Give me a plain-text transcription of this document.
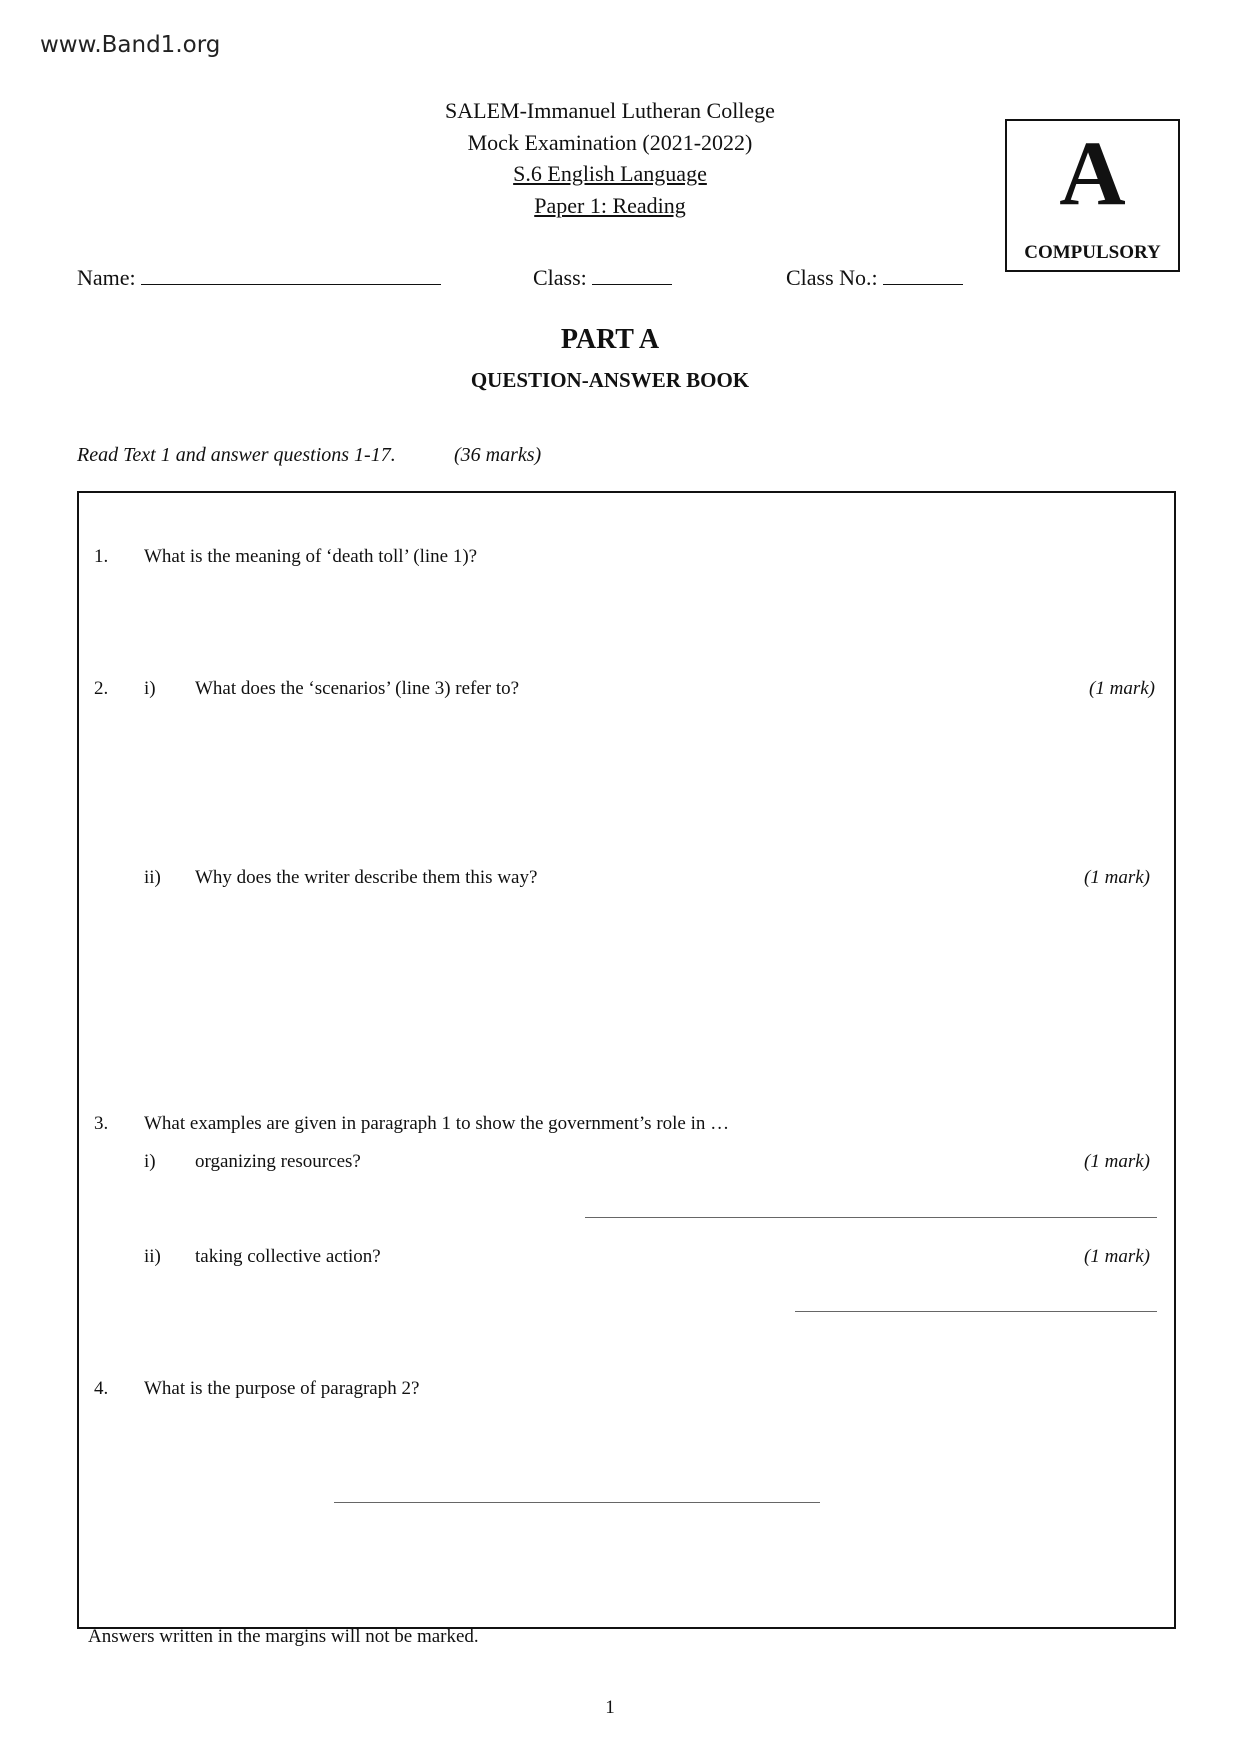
www.Band1.org
SALEM-Immanuel Lutheran College
Mock Examination (2021-2022)
S.6 English Language
Paper 1: Reading	A
COMPULSORY
Name:	Class:	Class No.:
PART A
QUESTION-ANSWER BOOK
Read Text 1 and answer questions 1-17.	(36 marks)
1. What is the meaning of ‘death toll’ (line 1)?
2. i) What does the ‘scenarios’ (line 3) refer to?	(1 mark)
ii) Why does the writer describe them this way?	(1 mark)
3. What examples are given in paragraph 1 to show the government’s role in …
i) organizing resources?	(1 mark)
ii) taking collective action?	(1 mark)
4. What is the purpose of paragraph 2?
Answers written in the margins will not be marked.
1
